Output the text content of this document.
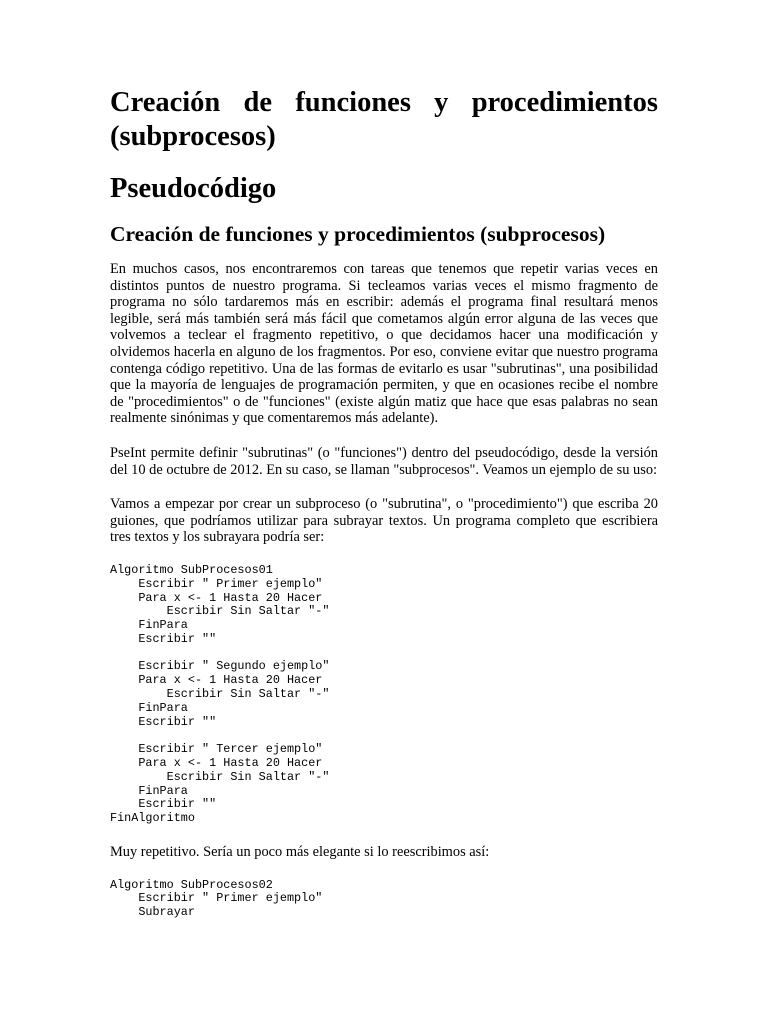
Creación de funciones y procedimientos (subprocesos)
Pseudocódigo
Creación de funciones y procedimientos (subprocesos)

En muchos casos, nos encontraremos con tareas que tenemos que repetir varias veces en distintos puntos de nuestro programa. Si tecleamos varias veces el mismo fragmento de programa no sólo tardaremos más en escribir: además el programa final resultará menos legible, será más también será más fácil que cometamos algún error alguna de las veces que volvemos a teclear el fragmento repetitivo, o que decidamos hacer una modificación y olvidemos hacerla en alguno de los fragmentos. Por eso, conviene evitar que nuestro programa contenga código repetitivo. Una de las formas de evitarlo es usar "subrutinas", una posibilidad que la mayoría de lenguajes de programación permiten, y que en ocasiones recibe el nombre de "procedimientos" o de "funciones" (existe algún matiz que hace que esas palabras no sean realmente sinónimas y que comentaremos más adelante).

PseInt permite definir "subrutinas" (o "funciones") dentro del pseudocódigo, desde la versión del 10 de octubre de 2012. En su caso, se llaman "subprocesos". Veamos un ejemplo de su uso:

Vamos a empezar por crear un subproceso (o "subrutina", o "procedimiento") que escriba 20 guiones, que podríamos utilizar para subrayar textos. Un programa completo que escribiera tres textos y los subrayara podría ser:

Algoritmo SubProcesos01
Escribir " Primer ejemplo"
Para x <- 1 Hasta 20 Hacer
Escribir Sin Saltar "-"
FinPara
Escribir ""

Escribir " Segundo ejemplo"
Para x <- 1 Hasta 20 Hacer
Escribir Sin Saltar "-"
FinPara
Escribir ""

Escribir " Tercer ejemplo"
Para x <- 1 Hasta 20 Hacer
Escribir Sin Saltar "-"
FinPara
Escribir ""
FinAlgoritmo

Muy repetitivo. Sería un poco más elegante si lo reescribimos así:

Algoritmo SubProcesos02
Escribir " Primer ejemplo"
Subrayar
